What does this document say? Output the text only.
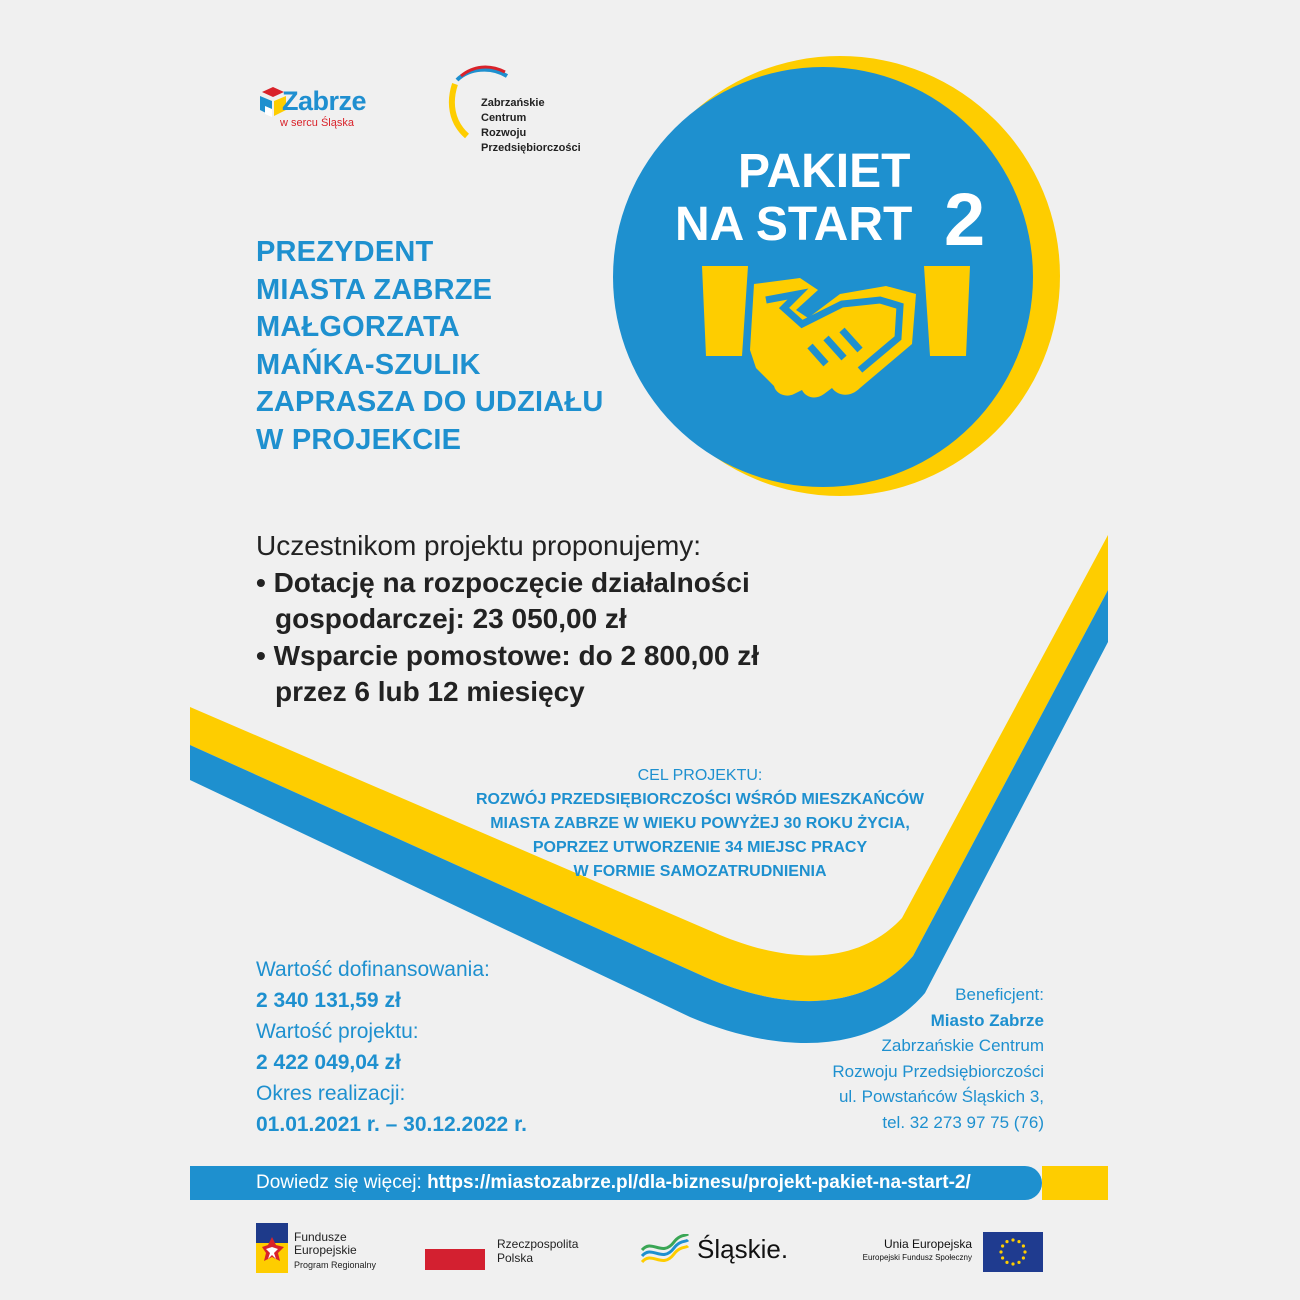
Zabrze
w sercu Śląska
Zabrzańskie
Centrum
Rozwoju
Przedsiębiorczości	PAKIET
NA START 2
PREZYDENT
MIASTA ZABRZE
MAŁGORZATA
MAŃKA-SZULIK
ZAPRASZA DO UDZIAŁU
W PROJEKCIE
Uczestnikom projektu proponujemy:
• Dotację na rozpoczęcie działalności
gospodarczej: 23 050,00 zł
• Wsparcie pomostowe: do 2 800,00 zł
przez 6 lub 12 miesięcy
CEL PROJEKTU:
ROZWÓJ PRZEDSIĘBIORCZOŚCI WŚRÓD MIESZKAŃCÓW
MIASTA ZABRZE W WIEKU POWYŻEJ 30 ROKU ŻYCIA,
POPRZEZ UTWORZENIE 34 MIEJSC PRACY
W FORMIE SAMOZATRUDNIENIA
Wartość dofinansowania:
2 340 131,59 zł
Wartość projektu:
2 422 049,04 zł
Okres realizacji:
01.01.2021 r. – 30.12.2022 r.
Beneficjent:
Miasto Zabrze
Zabrzańskie Centrum
Rozwoju Przedsiębiorczości
ul. Powstańców Śląskich 3,
tel. 32 273 97 75 (76)
Dowiedz się więcej: https://miastozabrze.pl/dla-biznesu/projekt-pakiet-na-start-2/
Fundusze
Europejskie
Program Regionalny
Rzeczpospolita
Polska	Śląskie.	Unia Europejska
Europejski Fundusz Społeczny
